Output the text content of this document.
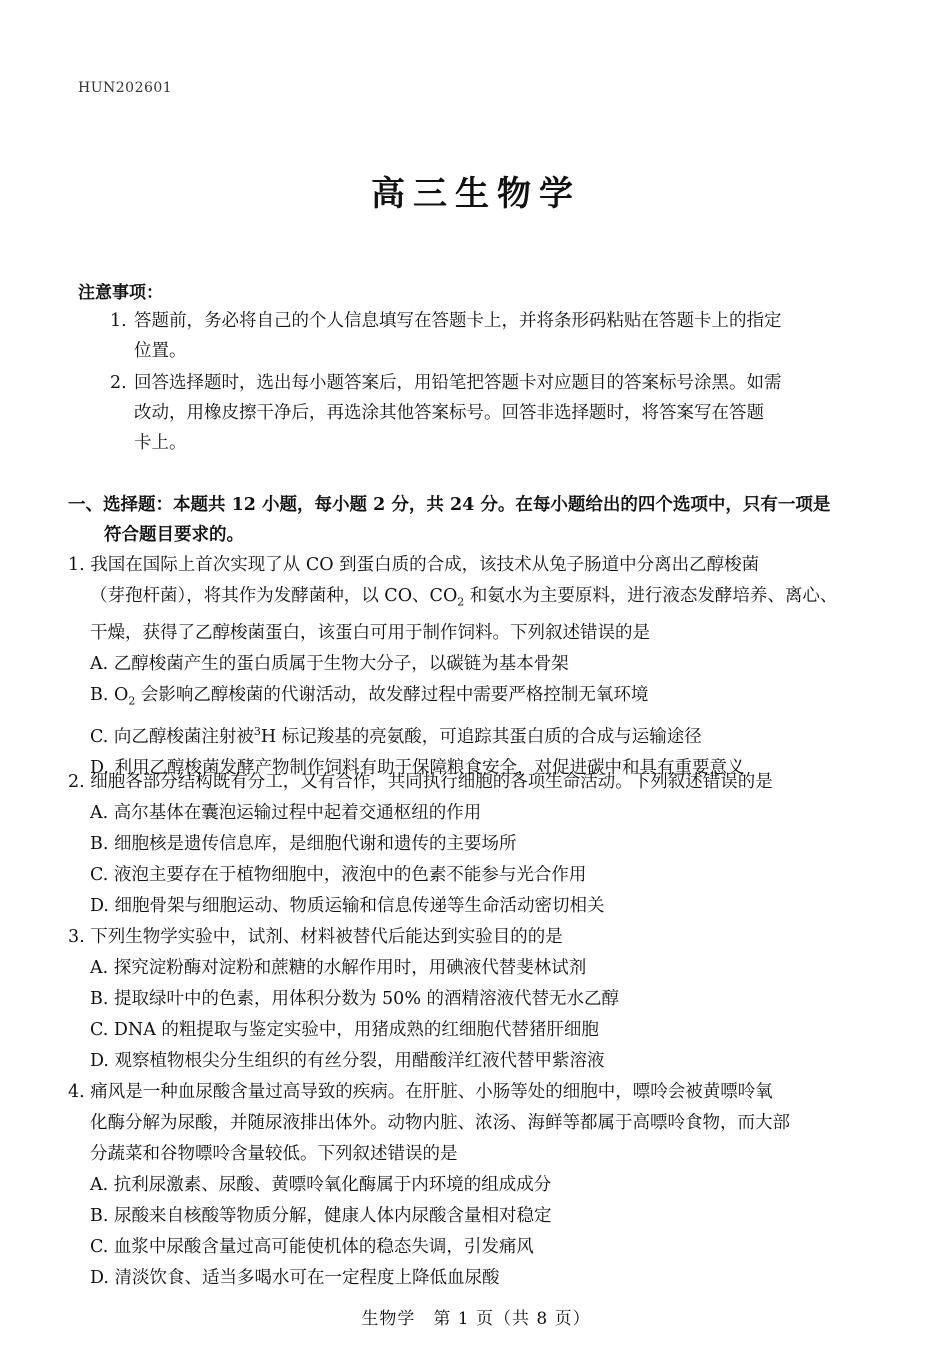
HUN202601
高三生物学
注意事项：
1. 答题前，务必将自己的个人信息填写在答题卡上，并将条形码粘贴在答题卡上的指定
位置。
2. 回答选择题时，选出每小题答案后，用铅笔把答题卡对应题目的答案标号涂黑。如需
改动，用橡皮擦干净后，再选涂其他答案标号。回答非选择题时，将答案写在答题
卡上。
一、选择题：本题共 12 小题，每小题 2 分，共 24 分。在每小题给出的四个选项中，只有一项是
符合题目要求的。
1. 我国在国际上首次实现了从 CO 到蛋白质的合成，该技术从兔子肠道中分离出乙醇梭菌
（芽孢杆菌），将其作为发酵菌种，以 CO、$CO_2$ 和氨水为主要原料，进行液态发酵培养、离心、
干燥，获得了乙醇梭菌蛋白，该蛋白可用于制作饲料。下列叙述错误的是
A. 乙醇梭菌产生的蛋白质属于生物大分子，以碳链为基本骨架
B. $O_2$ 会影响乙醇梭菌的代谢活动，故发酵过程中需要严格控制无氧环境
C. 向乙醇梭菌注射被$^3$H 标记羧基的亮氨酸，可追踪其蛋白质的合成与运输途径
D. 利用乙醇梭菌发酵产物制作饲料有助于保障粮食安全，对促进碳中和具有重要意义
2. 细胞各部分结构既有分工，又有合作，共同执行细胞的各项生命活动。下列叙述错误的是
A. 高尔基体在囊泡运输过程中起着交通枢纽的作用
B. 细胞核是遗传信息库，是细胞代谢和遗传的主要场所
C. 液泡主要存在于植物细胞中，液泡中的色素不能参与光合作用
D. 细胞骨架与细胞运动、物质运输和信息传递等生命活动密切相关
3. 下列生物学实验中，试剂、材料被替代后能达到实验目的的是
A. 探究淀粉酶对淀粉和蔗糖的水解作用时，用碘液代替斐林试剂
B. 提取绿叶中的色素，用体积分数为 50% 的酒精溶液代替无水乙醇
C. DNA 的粗提取与鉴定实验中，用猪成熟的红细胞代替猪肝细胞
D. 观察植物根尖分生组织的有丝分裂，用醋酸洋红液代替甲紫溶液
4. 痛风是一种血尿酸含量过高导致的疾病。在肝脏、小肠等处的细胞中，嘌呤会被黄嘌呤氧
化酶分解为尿酸，并随尿液排出体外。动物内脏、浓汤、海鲜等都属于高嘌呤食物，而大部
分蔬菜和谷物嘌呤含量较低。下列叙述错误的是
A. 抗利尿激素、尿酸、黄嘌呤氧化酶属于内环境的组成成分
B. 尿酸来自核酸等物质分解，健康人体内尿酸含量相对稳定
C. 血浆中尿酸含量过高可能使机体的稳态失调，引发痛风
D. 清淡饮食、适当多喝水可在一定程度上降低血尿酸
生物学　第 1 页（共 8 页）
